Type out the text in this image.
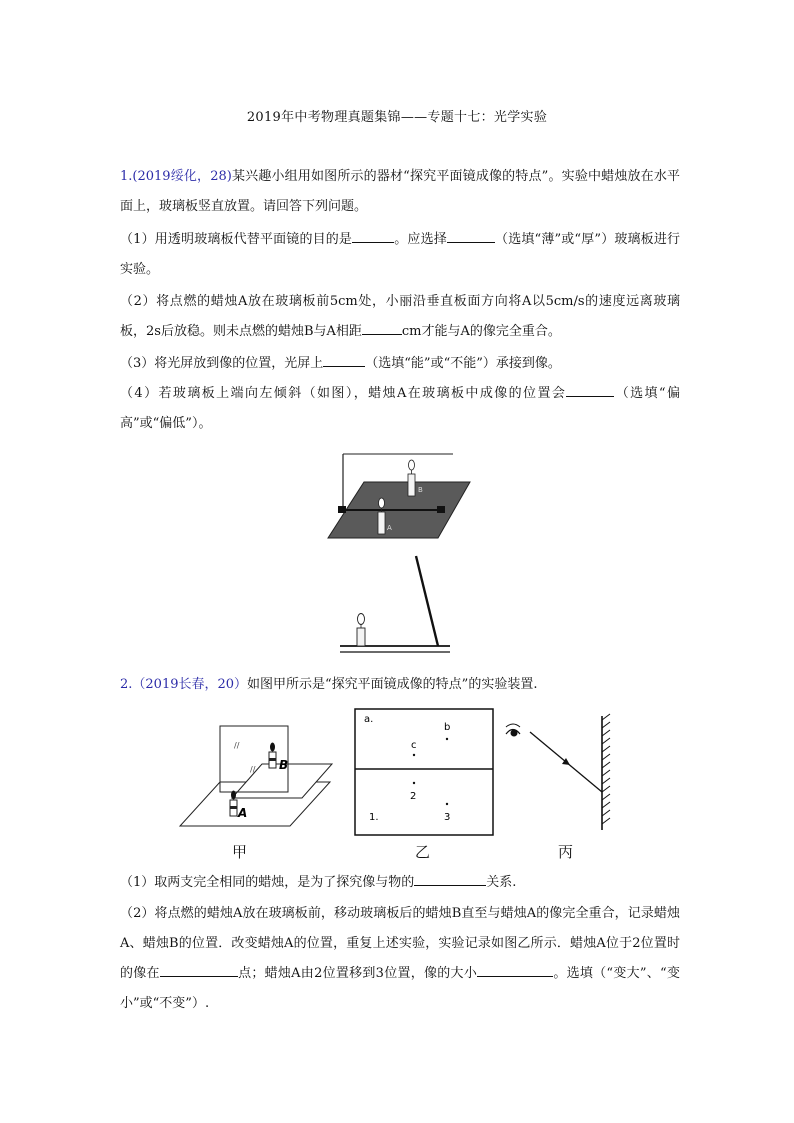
2019年中考物理真题集锦——专题十七：光学实验

1.(2019绥化，28)某兴趣小组用如图所示的器材“探究平面镜成像的特点”。实验中蜡烛放在水平面上，玻璃板竖直放置。请回答下列问题。

（1）用透明玻璃板代替平面镜的目的是	。应选择	（选填“薄”或“厚”）玻璃板进行实验。

（2）将点燃的蜡烛A放在玻璃板前5cm处，小丽沿垂直板面方向将A以5cm/s的速度远离玻璃板，2s后放稳。则未点燃的蜡烛B与A相距	cm才能与A的像完全重合。

（3）将光屏放到像的位置，光屏上	（选填“能”或“不能”）承接到像。

（4）若玻璃板上端向左倾斜（如图），蜡烛A在玻璃板中成像的位置会	（选填“偏高”或“偏低”）。

B
A

2.（2019长春，20）如图甲所示是“探究平面镜成像的特点”的实验装置.

//
// B
A
a.
b
c
2
3
1.
甲	乙	丙

（1）取两支完全相同的蜡烛，是为了探究像与物的	关系.

（2）将点燃的蜡烛A放在玻璃板前，移动玻璃板后的蜡烛B直至与蜡烛A的像完全重合，记录蜡烛A、蜡烛B的位置．改变蜡烛A的位置，重复上述实验，实验记录如图乙所示．蜡烛A位于2位置时的像在	点；蜡烛A由2位置移到3位置，像的大小	。选填（“变大”、“变小”或“不变”）.
